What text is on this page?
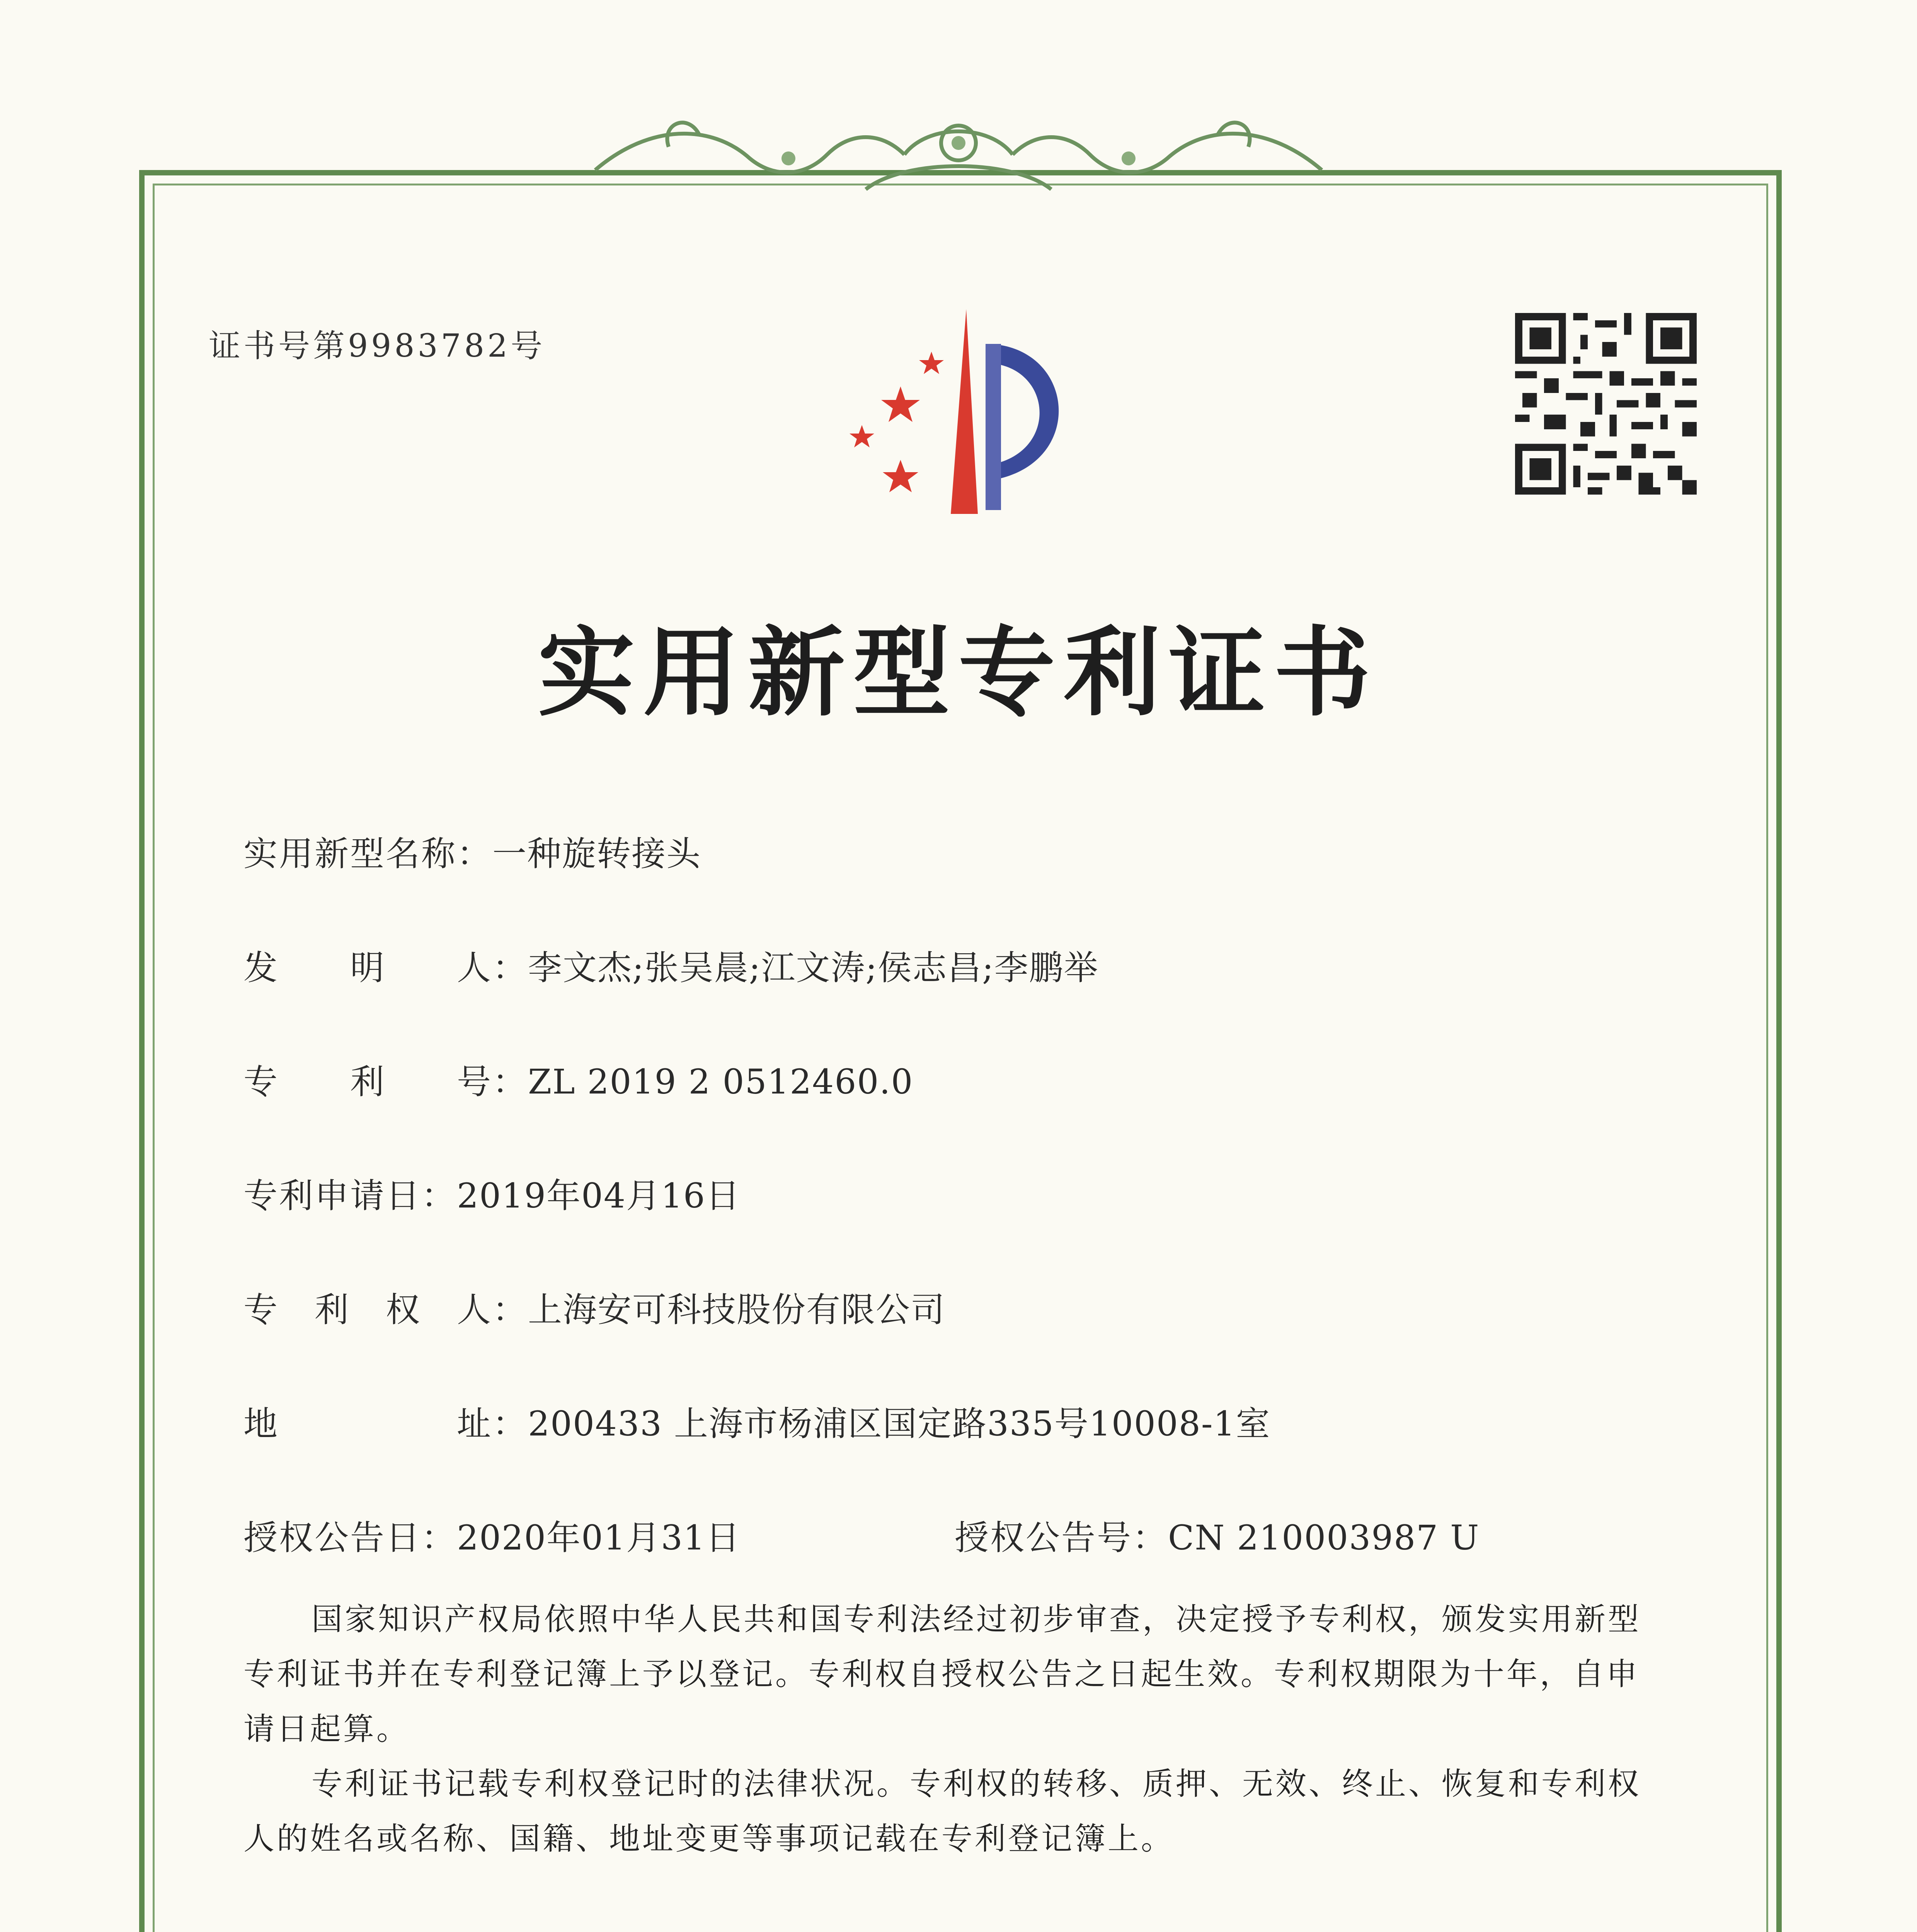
证书号第9983782号
实用新型专利证书
实用新型名称：一种旋转接头
发　　明　　人：李文杰;张吴晨;江文涛;侯志昌;李鹏举
专　　利　　号：ZL 2019 2 0512460.0
专利申请日：2019年04月16日
专　利　权　人：上海安可科技股份有限公司
地　　　　　址：200433 上海市杨浦区国定路335号10008-1室
授权公告日：2020年01月31日	授权公告号：CN 210003987 U

国家知识产权局依照中华人民共和国专利法经过初步审查，决定授予专利权，颁发实用新型专利证书并在专利登记簿上予以登记。专利权自授权公告之日起生效。专利权期限为十年，自申请日起算。

专利证书记载专利权登记时的法律状况。专利权的转移、质押、无效、终止、恢复和专利权人的姓名或名称、国籍、地址变更等事项记载在专利登记簿上。
